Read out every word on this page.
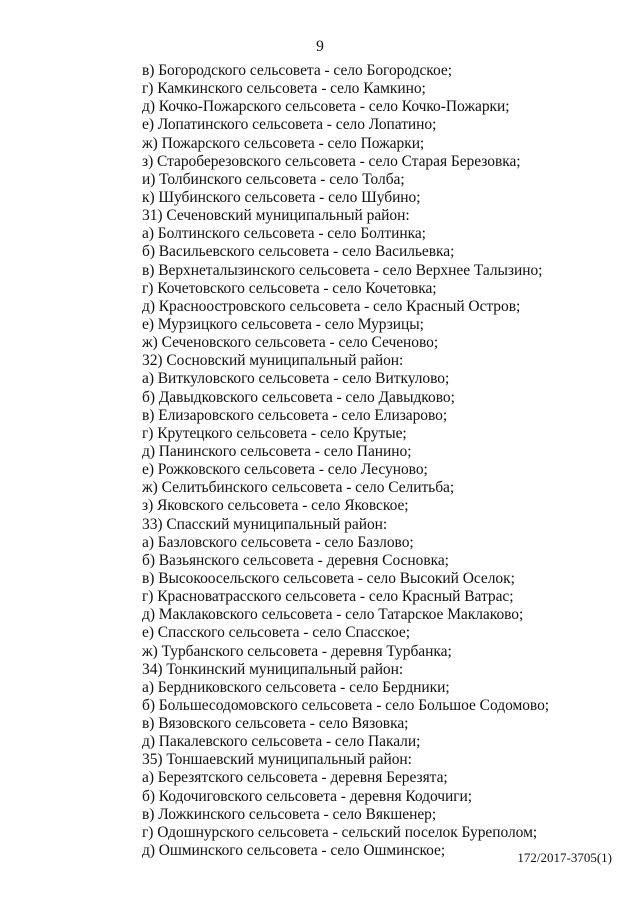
9
в) Богородского сельсовета - село Богородское;
г) Камкинского сельсовета - село Камкино;
д) Кочко-Пожарского сельсовета - село Кочко-Пожарки;
е) Лопатинского сельсовета - село Лопатино;
ж) Пожарского сельсовета - село Пожарки;
з) Староберезовского сельсовета - село Старая Березовка;
и) Толбинского сельсовета - село Толба;
к) Шубинского сельсовета - село Шубино;
31) Сеченовский муниципальный район:
а) Болтинского сельсовета - село Болтинка;
б) Васильевского сельсовета - село Васильевка;
в) Верхнеталызинского сельсовета - село Верхнее Талызино;
г) Кочетовского сельсовета - село Кочетовка;
д) Красноостровского сельсовета - село Красный Остров;
е) Мурзицкого сельсовета - село Мурзицы;
ж) Сеченовского сельсовета - село Сеченово;
32) Сосновский муниципальный район:
а) Виткуловского сельсовета - село Виткулово;
б) Давыдковского сельсовета - село Давыдково;
в) Елизаровского сельсовета - село Елизарово;
г) Крутецкого сельсовета - село Крутые;
д) Панинского сельсовета - село Панино;
е) Рожковского сельсовета - село Лесуново;
ж) Селитьбинского сельсовета - село Селитьба;
з) Яковского сельсовета - село Яковское;
33) Спасский муниципальный район:
а) Базловского сельсовета - село Базлово;
б) Вазьянского сельсовета - деревня Сосновка;
в) Высокоосельского сельсовета - село Высокий Оселок;
г) Красноватрасского сельсовета - село Красный Ватрас;
д) Маклаковского сельсовета - село Татарское Маклаково;
е) Спасского сельсовета - село Спасское;
ж) Турбанского сельсовета - деревня Турбанка;
34) Тонкинский муниципальный район:
а) Бердниковского сельсовета - село Бердники;
б) Большесодомовского сельсовета - село Большое Содомово;
в) Вязовского сельсовета - село Вязовка;
д) Пакалевского сельсовета - село Пакали;
35) Тоншаевский муниципальный район:
а) Березятского сельсовета - деревня Березята;
б) Кодочиговского сельсовета - деревня Кодочиги;
в) Ложкинского сельсовета - село Вякшенер;
г) Одошнурского сельсовета - сельский поселок Буреполом;
д) Ошминского сельсовета - село Ошминское;	172/2017-3705(1)
